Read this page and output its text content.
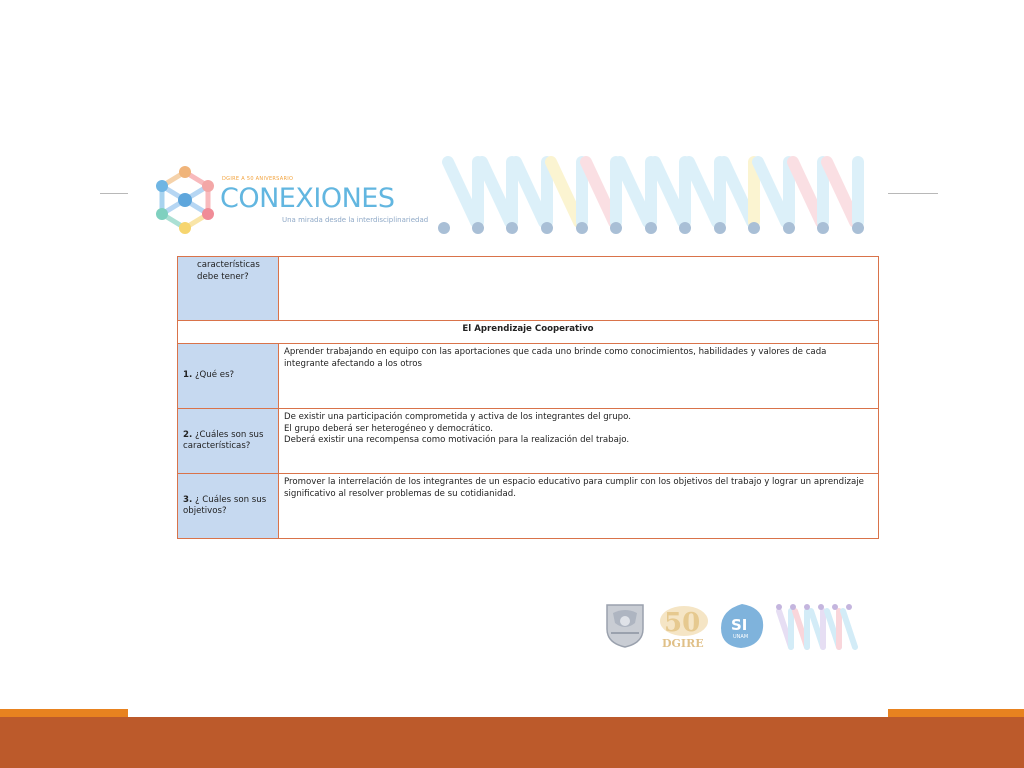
DGIRE A 50 ANIVERSARIO
CONEXIONES
Una mirada desde la interdisciplinariedad
características debe tener?	

El Aprendizaje Cooperativo	
1. ¿Qué es?	Aprender trabajando en equipo con las aportaciones que cada uno brinde como conocimientos, habilidades y valores de cada integrante afectando a los otros
2. ¿Cuáles son sus características?	De existir una participación comprometida y activa de los integrantes del grupo.
El grupo deberá ser heterogéneo y democrático.
Deberá existir una recompensa como motivación para la realización del trabajo.

3. ¿ Cuáles son sus objetivos?	Promover la interrelación de los integrantes de un espacio educativo para cumplir con los objetivos del trabajo y lograr un aprendizaje significativo al resolver problemas de su cotidianidad.
50
DGIRE
SI
UNAM
